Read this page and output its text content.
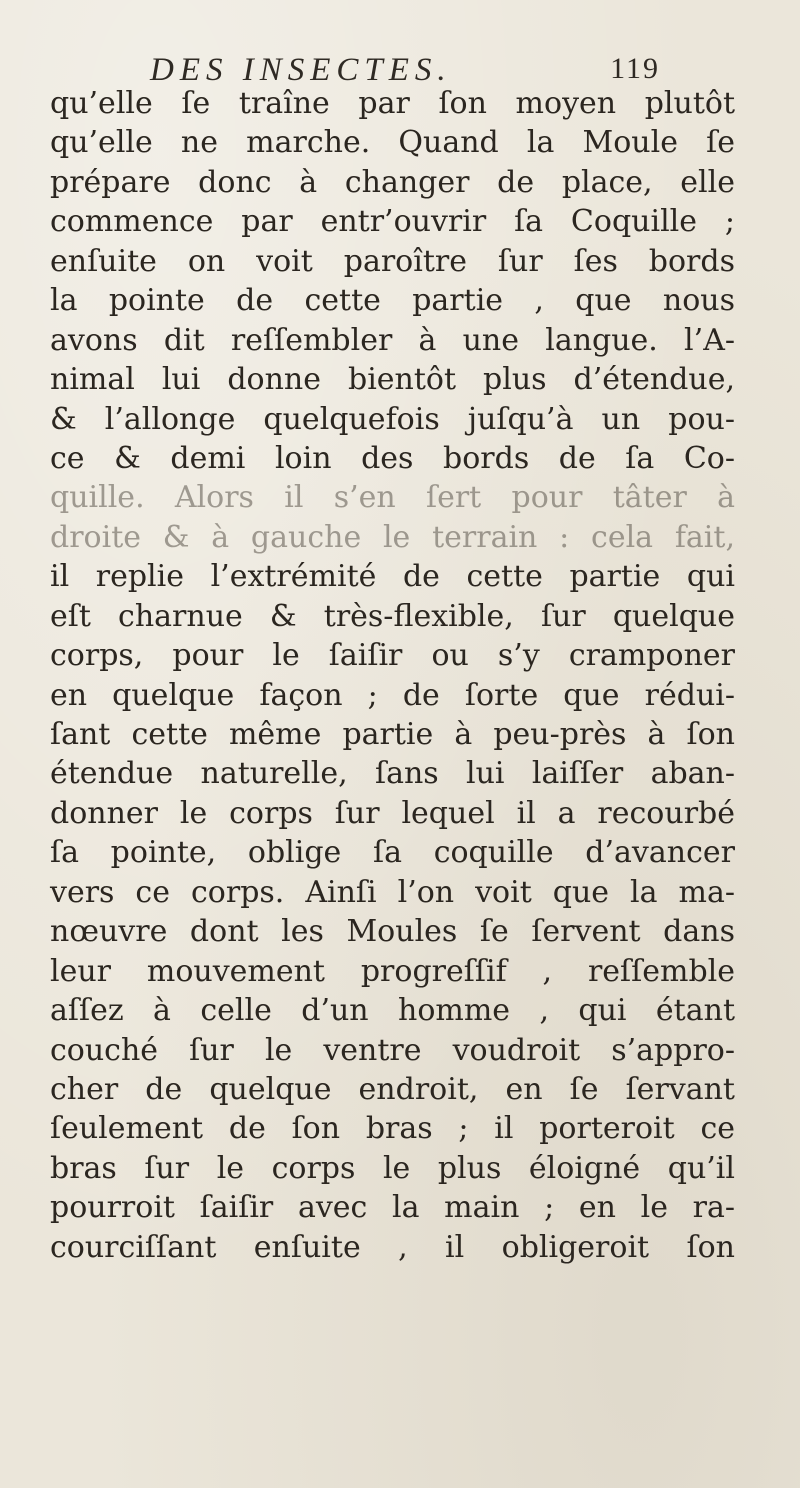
DES INSECTES.	119
qu’elle ſe traîne par ſon moyen plutôt
qu’elle ne marche. Quand la Moule ſe
prépare donc à changer de place, elle
commence par entr’ouvrir ſa Coquille ;
enſuite on voit paroître ſur ſes bords
la pointe de cette partie , que nous
avons dit reſſembler à une langue. l’A-
nimal lui donne bientôt plus d’étendue,
& l’allonge quelquefois juſqu’à un pou-
ce & demi loin des bords de ſa Co-
quille. Alors il s’en ſert pour tâter à
droite & à gauche le terrain : cela fait,
il replie l’extrémité de cette partie qui
eſt charnue & très-flexible, ſur quelque
corps, pour le ſaiſir ou s’y cramponer
en quelque façon ; de ſorte que rédui-
ſant cette même partie à peu-près à ſon
étendue naturelle, ſans lui laiſſer aban-
donner le corps ſur lequel il a recourbé
ſa pointe, oblige ſa coquille d’avancer
vers ce corps. Ainſi l’on voit que la ma-
nœuvre dont les Moules ſe ſervent dans
leur mouvement progreſſif , reſſemble
aſſez à celle d’un homme , qui étant
couché ſur le ventre voudroit s’appro-
cher de quelque endroit, en ſe ſervant
ſeulement de ſon bras ; il porteroit ce
bras ſur le corps le plus éloigné qu’il
pourroit ſaiſir avec la main ; en le ra-
courciſſant enſuite , il obligeroit ſon
